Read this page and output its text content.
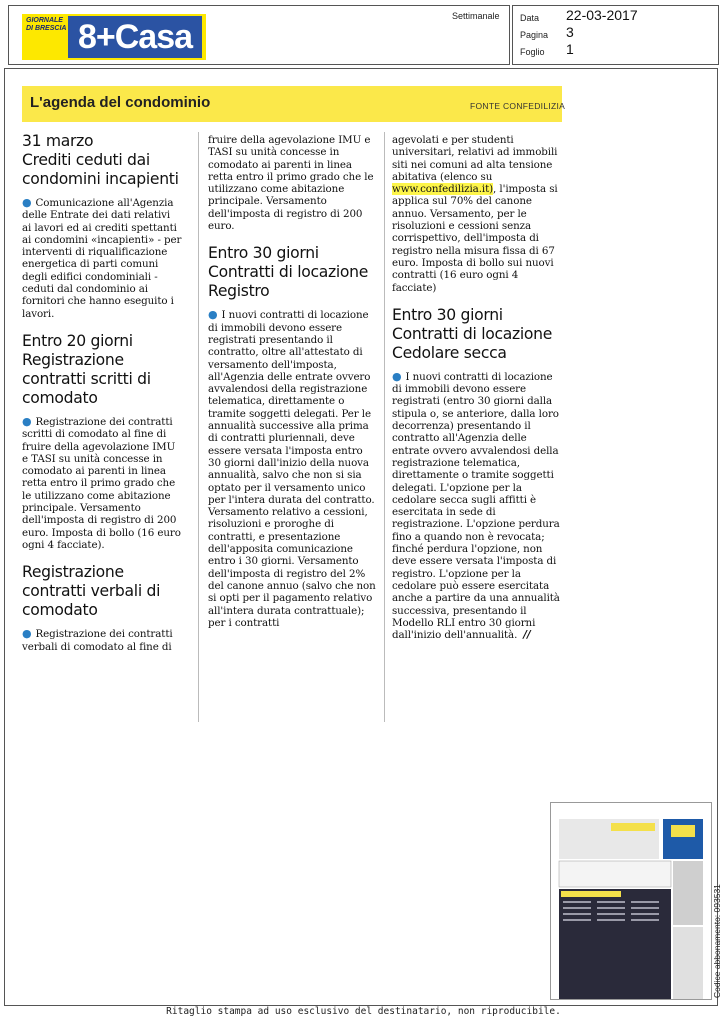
GIORNALE DI BRESCIA 8+Casa
Settimanale Data 22-03-2017
Pagina 3
Foglio 1
L'agenda del condominio	FONTE CONFEDILIZIA
31 marzo
Crediti ceduti dai condomini incapienti

● Comunicazione all'Agenzia delle Entrate dei dati relativi ai lavori ed ai crediti spettanti ai condomini «incapienti» - per interventi di riqualificazione energetica di parti comuni degli edifici condominiali - ceduti dal condominio ai fornitori che hanno eseguito i lavori.

Entro 20 giorni
Registrazione contratti scritti di comodato

● Registrazione dei contratti scritti di comodato al fine di fruire della agevolazione IMU e TASI su unità concesse in comodato ai parenti in linea retta entro il primo grado che le utilizzano come abitazione principale. Versamento dell'imposta di registro di 200 euro. Imposta di bollo (16 euro ogni 4 facciate).

Registrazione contratti verbali di comodato

● Registrazione dei contratti verbali di comodato al fine di

fruire della agevolazione IMU e TASI su unità concesse in comodato ai parenti in linea retta entro il primo grado che le utilizzano come abitazione principale. Versamento dell'imposta di registro di 200 euro.

Entro 30 giorni
Contratti di locazione Registro

● I nuovi contratti di locazione di immobili devono essere registrati presentando il contratto, oltre all'attestato di versamento dell'imposta, all'Agenzia delle entrate ovvero avvalendosi della registrazione telematica, direttamente o tramite soggetti delegati. Per le annualità successive alla prima di contratti pluriennali, deve essere versata l'imposta entro 30 giorni dall'inizio della nuova annualità, salvo che non si sia optato per il versamento unico per l'intera durata del contratto. Versamento relativo a cessioni, risoluzioni e proroghe di contratti, e presentazione dell'apposita comunicazione entro i 30 giorni. Versamento dell'imposta di registro del 2% del canone annuo (salvo che non si opti per il pagamento relativo all'intera durata contrattuale); per i contratti

agevolati e per studenti universitari, relativi ad immobili siti nei comuni ad alta tensione abitativa (elenco su www.confedilizia.it), l'imposta si applica sul 70% del canone annuo. Versamento, per le risoluzioni e cessioni senza corrispettivo, dell'imposta di registro nella misura fissa di 67 euro. Imposta di bollo sui nuovi contratti (16 euro ogni 4 facciate)

Entro 30 giorni
Contratti di locazione Cedolare secca

● I nuovi contratti di locazione di immobili devono essere registrati (entro 30 giorni dalla stipula o, se anteriore, dalla loro decorrenza) presentando il contratto all'Agenzia delle entrate ovvero avvalendosi della registrazione telematica, direttamente o tramite soggetti delegati. L'opzione per la cedolare secca sugli affitti è esercitata in sede di registrazione. L'opzione perdura fino a quando non è revocata; finché perdura l'opzione, non deve essere versata l'imposta di registro. L'opzione per la cedolare può essere esercitata anche a partire da una annualità successiva, presentando il Modello RLI entro 30 giorni dall'inizio dell'annualità. //

Codice abbonamento: 093531
Ritaglio stampa ad uso esclusivo del destinatario, non riproducibile.
